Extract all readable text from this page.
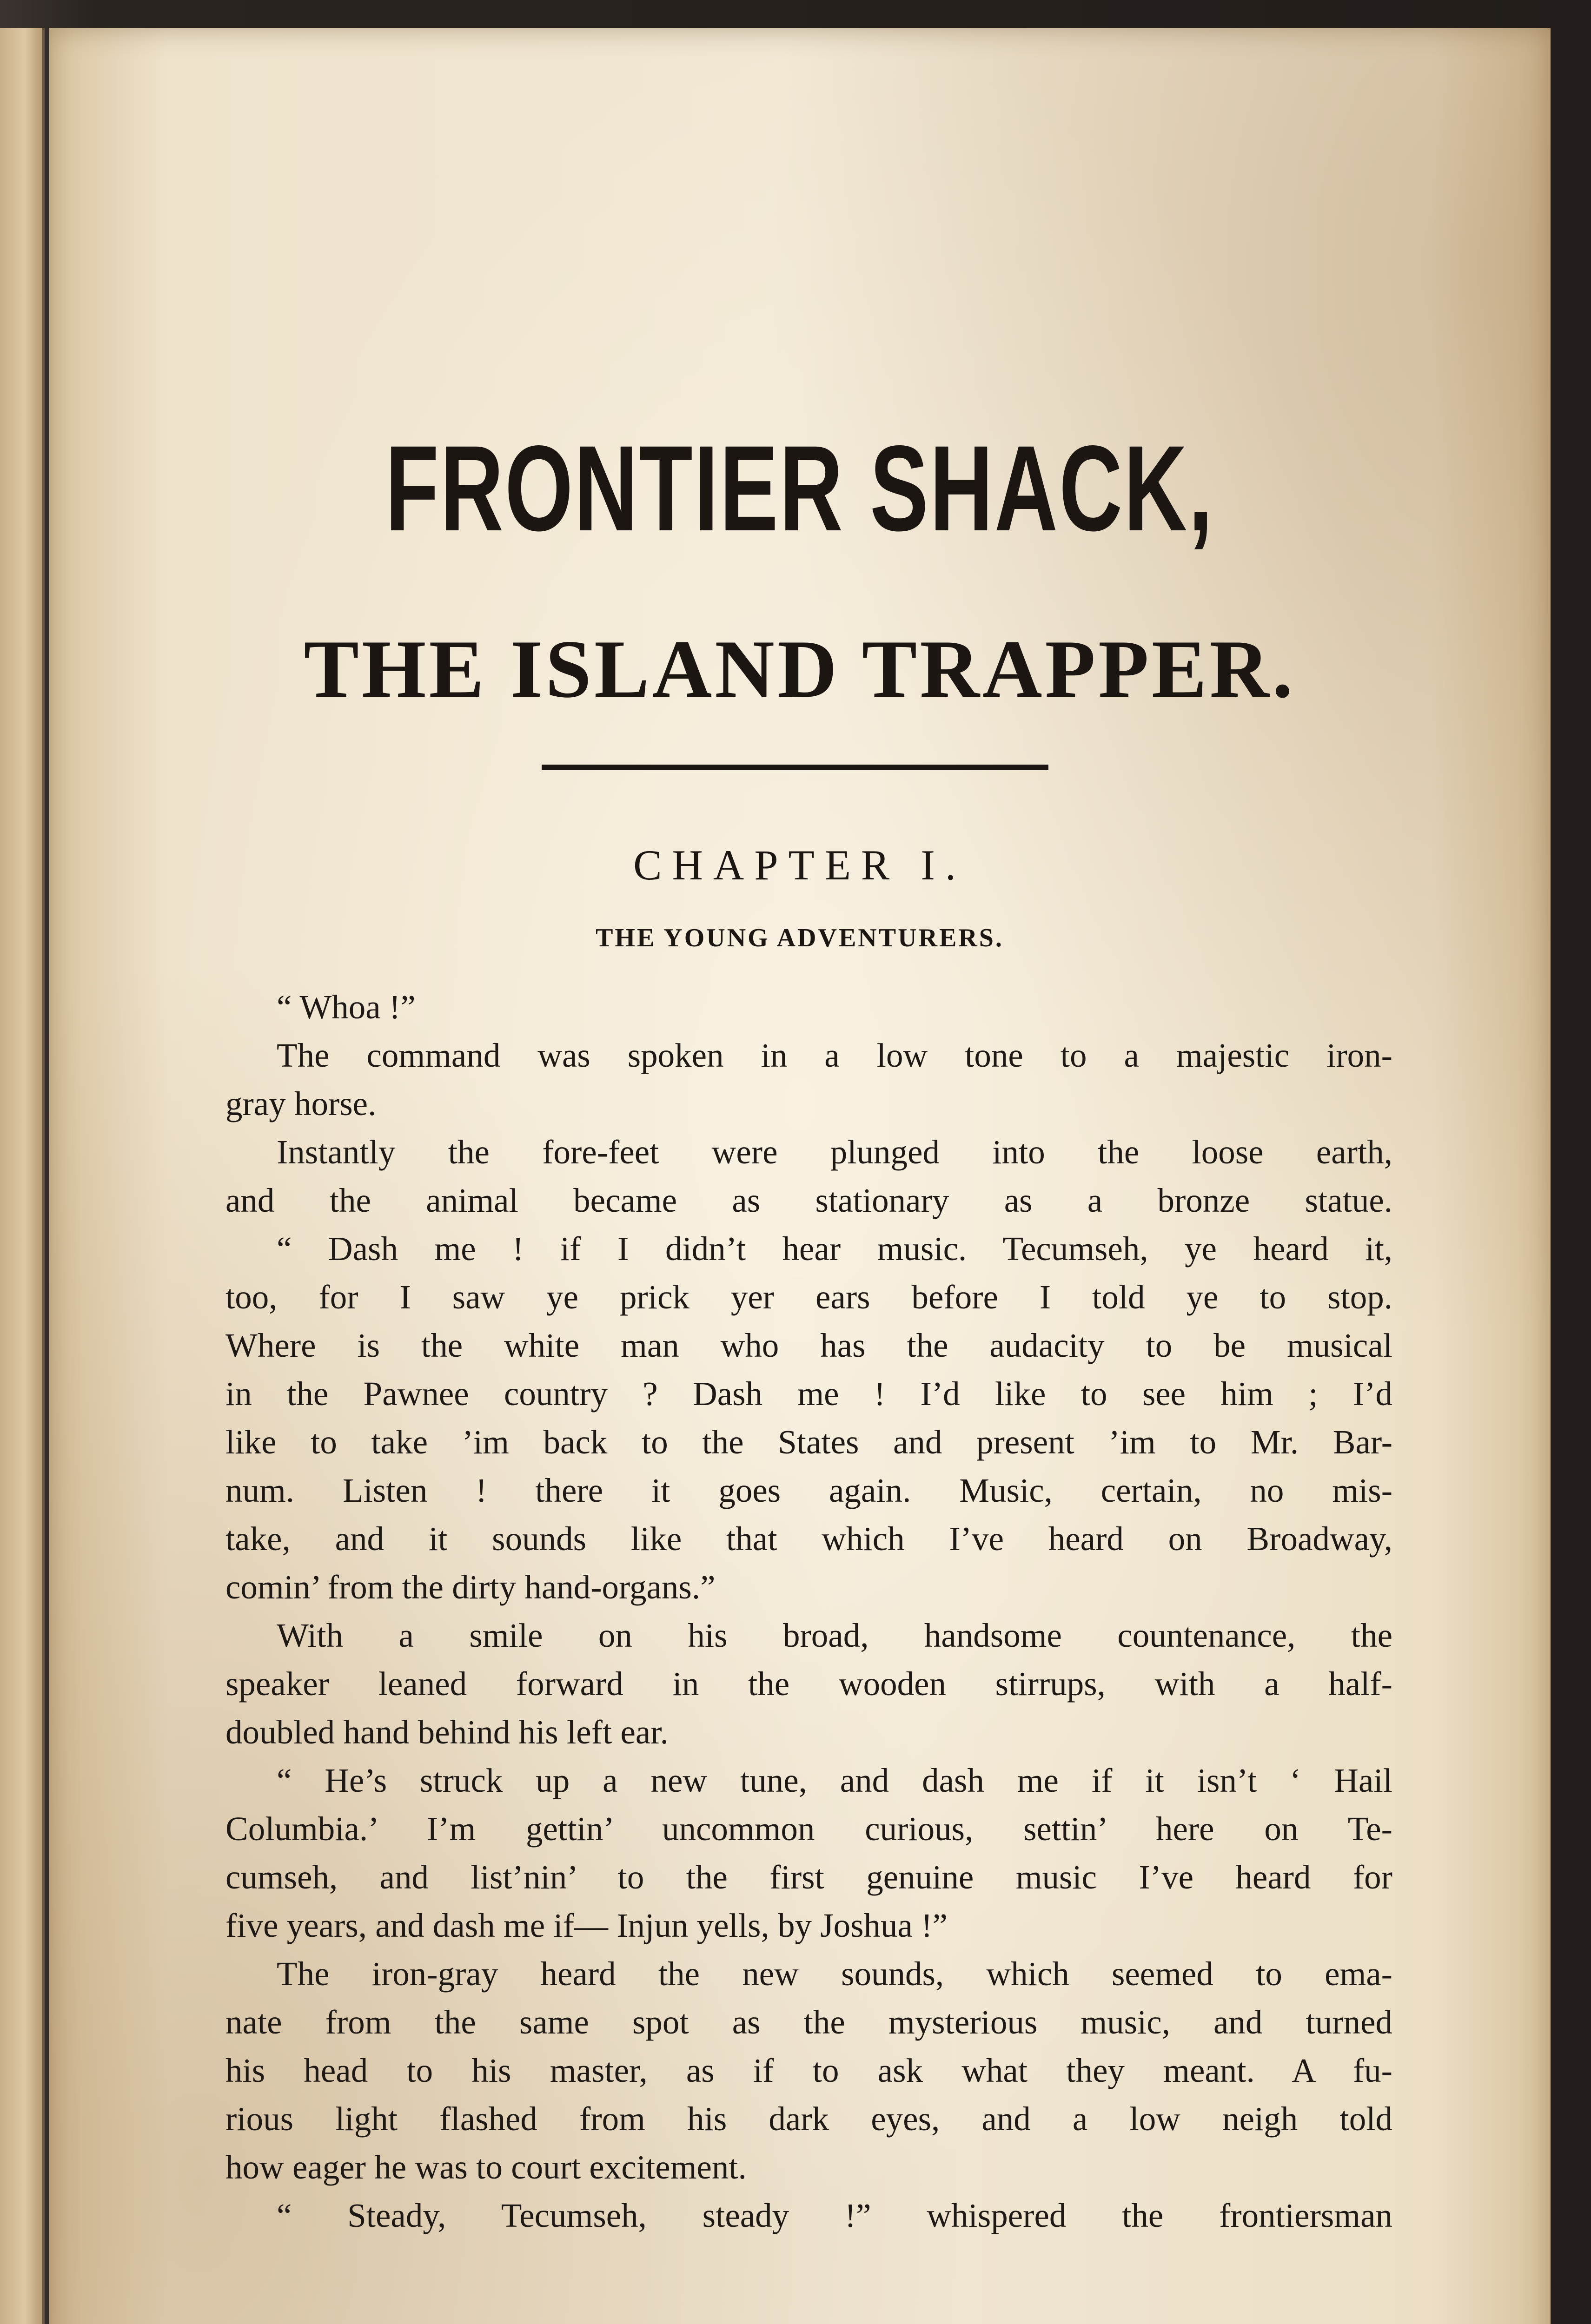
FRONTIER SHACK,
THE ISLAND TRAPPER.
CHAPTER I.
THE YOUNG ADVENTURERS.
“ Whoa !”
The command was spoken in a low tone to a majestic iron-
gray horse.
Instantly the fore-feet were plunged into the loose earth,
and the animal became as stationary as a bronze statue.
“ Dash me ! if I didn’t hear music. Tecumseh, ye heard it,
too, for I saw ye prick yer ears before I told ye to stop.
Where is the white man who has the audacity to be musical
in the Pawnee country ? Dash me ! I’d like to see him ; I’d
like to take ’im back to the States and present ’im to Mr. Bar-
num. Listen ! there it goes again. Music, certain, no mis-
take, and it sounds like that which I’ve heard on Broadway,
comin’ from the dirty hand-organs.”
With a smile on his broad, handsome countenance, the
speaker leaned forward in the wooden stirrups, with a half-
doubled hand behind his left ear.
“ He’s struck up a new tune, and dash me if it isn’t ‘ Hail
Columbia.’ I’m gettin’ uncommon curious, settin’ here on Te-
cumseh, and list’nin’ to the first genuine music I’ve heard for
five years, and dash me if— Injun yells, by Joshua !”
The iron-gray heard the new sounds, which seemed to ema-
nate from the same spot as the mysterious music, and turned
his head to his master, as if to ask what they meant. A fu-
rious light flashed from his dark eyes, and a low neigh told
how eager he was to court excitement.
“ Steady, Tecumseh, steady !” whispered the frontiersman
